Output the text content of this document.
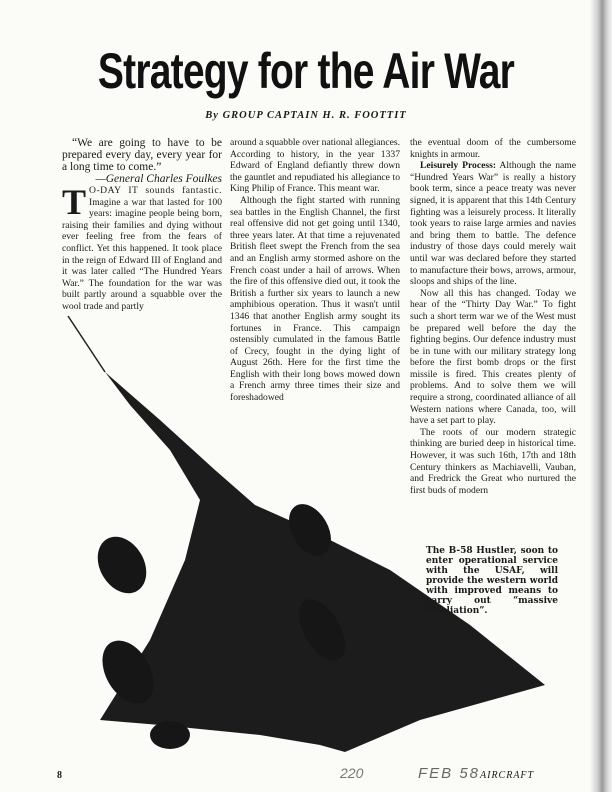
Strategy for the Air War
By GROUP CAPTAIN H. R. FOOTTIT

“We are going to have to be prepared every day, every year for a long time to come.”

—General Charles Foulkes

T O-DAY IT sounds fantastic. Imagine a war that lasted for 100 years: imagine people being born, raising their families and dying without ever feeling free from the fears of conflict. Yet this happened. It took place in the reign of Edward III of England and it was later called “The Hundred Years War.” The foundation for the war was built partly around a squabble over the wool trade and partly

around a squabble over national allegiances. According to history, in the year 1337 Edward of England defiantly threw down the gauntlet and repudiated his allegiance to King Philip of France. This meant war.

Although the fight started with running sea battles in the English Channel, the first real offensive did not get going until 1340, three years later. At that time a rejuvenated British fleet swept the French from the sea and an English army stormed ashore on the French coast under a hail of arrows. When the fire of this offensive died out, it took the British a further six years to launch a new amphibious operation. Thus it wasn't until 1346 that another English army sought its fortunes in France. This campaign ostensibly cumulated in the famous Battle of Crecy, fought in the dying light of August 26th. Here for the first time the English with their long bows mowed down a French army three times their size and foreshadowed

the eventual doom of the cumbersome knights in armour.

Leisurely Process: Although the name “Hundred Years War” is really a history book term, since a peace treaty was never signed, it is apparent that this 14th Century fighting was a leisurely process. It literally took years to raise large armies and navies and bring them to battle. The defence industry of those days could merely wait until war was declared before they started to manufacture their bows, arrows, armour, sloops and ships of the line.

Now all this has changed. Today we hear of the “Thirty Day War.” To fight such a short term war we of the West must be prepared well before the day the fighting begins. Our defence industry must be in tune with our military strategy long before the first bomb drops or the first missile is fired. This creates plenty of problems. And to solve them we will require a strong, coordinated alliance of all Western nations where Canada, too, will have a set part to play.

The roots of our modern strategic thinking are buried deep in historical time. However, it was such 16th, 17th and 18th Century thinkers as Machiavelli, Vauban, and Fredrick the Great who nurtured the first buds of modern

The B-58 Hustler, soon to enter operational service with the USAF, will provide the western world with improved means to carry out “massive retaliation”.
8	220	FEB 58 AIRCRAFT
